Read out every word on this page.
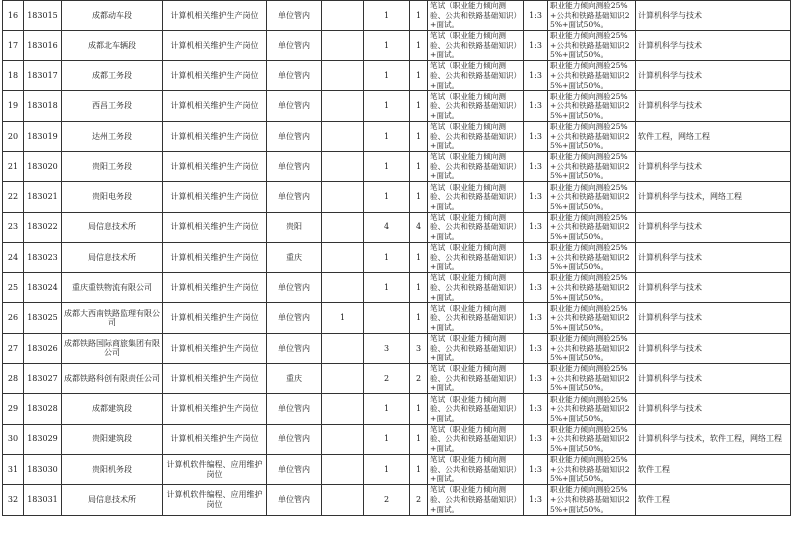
16	183015	成都动车段	计算机相关维护生产岗位	单位管内		1	1	笔试（职业能力倾向测验、公共和铁路基础知识）+面试。	1:3	职业能力倾向测验25%+公共和铁路基础知识25%+面试50%。	计算机科学与技术
17	183016	成都北车辆段	计算机相关维护生产岗位	单位管内		1	1	笔试（职业能力倾向测验、公共和铁路基础知识）+面试。	1:3	职业能力倾向测验25%+公共和铁路基础知识25%+面试50%。	计算机科学与技术
18	183017	成都工务段	计算机相关维护生产岗位	单位管内		1	1	笔试（职业能力倾向测验、公共和铁路基础知识）+面试。	1:3	职业能力倾向测验25%+公共和铁路基础知识25%+面试50%。	计算机科学与技术
19	183018	西昌工务段	计算机相关维护生产岗位	单位管内		1	1	笔试（职业能力倾向测验、公共和铁路基础知识）+面试。	1:3	职业能力倾向测验25%+公共和铁路基础知识25%+面试50%。	计算机科学与技术
20	183019	达州工务段	计算机相关维护生产岗位	单位管内		1	1	笔试（职业能力倾向测验、公共和铁路基础知识）+面试。	1:3	职业能力倾向测验25%+公共和铁路基础知识25%+面试50%。	软件工程，网络工程
21	183020	贵阳工务段	计算机相关维护生产岗位	单位管内		1	1	笔试（职业能力倾向测验、公共和铁路基础知识）+面试。	1:3	职业能力倾向测验25%+公共和铁路基础知识25%+面试50%。	计算机科学与技术
22	183021	贵阳电务段	计算机相关维护生产岗位	单位管内		1	1	笔试（职业能力倾向测验、公共和铁路基础知识）+面试。	1:3	职业能力倾向测验25%+公共和铁路基础知识25%+面试50%。	计算机科学与技术，网络工程
23	183022	局信息技术所	计算机相关维护生产岗位	贵阳		4	4	笔试（职业能力倾向测验、公共和铁路基础知识）+面试。	1:3	职业能力倾向测验25%+公共和铁路基础知识25%+面试50%。	计算机科学与技术
24	183023	局信息技术所	计算机相关维护生产岗位	重庆		1	1	笔试（职业能力倾向测验、公共和铁路基础知识）+面试。	1:3	职业能力倾向测验25%+公共和铁路基础知识25%+面试50%。	计算机科学与技术
25	183024	重庆重铁物流有限公司	计算机相关维护生产岗位	单位管内		1	1	笔试（职业能力倾向测验、公共和铁路基础知识）+面试。	1:3	职业能力倾向测验25%+公共和铁路基础知识25%+面试50%。	计算机科学与技术
26	183025	成都大西南铁路监理有限公司	计算机相关维护生产岗位	单位管内	1		1	笔试（职业能力倾向测验、公共和铁路基础知识）+面试。	1:3	职业能力倾向测验25%+公共和铁路基础知识25%+面试50%。	计算机科学与技术
27	183026	成都铁路国际商旅集团有限公司	计算机相关维护生产岗位	单位管内		3	3	笔试（职业能力倾向测验、公共和铁路基础知识）+面试。	1:3	职业能力倾向测验25%+公共和铁路基础知识25%+面试50%。	计算机科学与技术
28	183027	成都铁路科创有限责任公司	计算机相关维护生产岗位	重庆		2	2	笔试（职业能力倾向测验、公共和铁路基础知识）+面试。	1:3	职业能力倾向测验25%+公共和铁路基础知识25%+面试50%。	计算机科学与技术
29	183028	成都建筑段	计算机相关维护生产岗位	单位管内		1	1	笔试（职业能力倾向测验、公共和铁路基础知识）+面试。	1:3	职业能力倾向测验25%+公共和铁路基础知识25%+面试50%。	计算机科学与技术
30	183029	贵阳建筑段	计算机相关维护生产岗位	单位管内		1	1	笔试（职业能力倾向测验、公共和铁路基础知识）+面试。	1:3	职业能力倾向测验25%+公共和铁路基础知识25%+面试50%。	计算机科学与技术，软件工程，网络工程
31	183030	贵阳机务段	计算机软件编程、应用维护岗位	单位管内		1	1	笔试（职业能力倾向测验、公共和铁路基础知识）+面试。	1:3	职业能力倾向测验25%+公共和铁路基础知识25%+面试50%。	软件工程
32	183031	局信息技术所	计算机软件编程、应用维护岗位	单位管内		2	2	笔试（职业能力倾向测验、公共和铁路基础知识）+面试。	1:3	职业能力倾向测验25%+公共和铁路基础知识25%+面试50%。	软件工程
